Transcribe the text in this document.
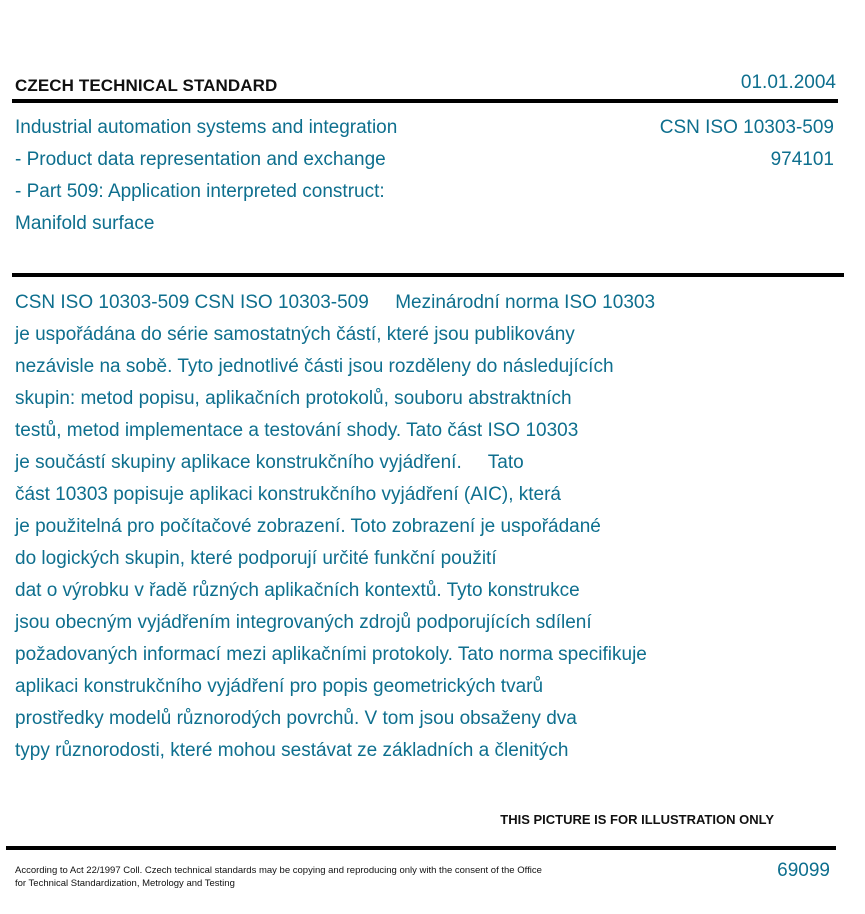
CZECH TECHNICAL STANDARD	01.01.2004
Industrial automation systems and integration
- Product data representation and exchange
- Part 509: Application interpreted construct:
Manifold surface
CSN ISO 10303-509
974101
CSN ISO 10303-509 CSN ISO 10303-509     Mezinárodní norma ISO 10303
je uspořádána do série samostatných částí, které jsou publikovány
nezávisle na sobě. Tyto jednotlivé části jsou rozděleny do následujících
skupin: metod popisu, aplikačních protokolů, souboru abstraktních
testů, metod implementace a testování shody. Tato část ISO 10303
je součástí skupiny aplikace konstrukčního vyjádření.     Tato
část 10303 popisuje aplikaci konstrukčního vyjádření (AIC), která
je použitelná pro počítačové zobrazení. Toto zobrazení je uspořádané
do logických skupin, které podporují určité funkční použití
dat o výrobku v řadě různých aplikačních kontextů. Tyto konstrukce
jsou obecným vyjádřením integrovaných zdrojů podporujících sdílení
požadovaných informací mezi aplikačními protokoly. Tato norma specifikuje
aplikaci konstrukčního vyjádření pro popis geometrických tvarů
prostředky modelů různorodých povrchů. V tom jsou obsaženy dva
typy různorodosti, které mohou sestávat ze základních a členitých
THIS PICTURE IS FOR ILLUSTRATION ONLY
According to Act 22/1997 Coll. Czech technical standards may be copying and reproducing only with the consent of the Office
for Technical Standardization, Metrology and Testing
69099
